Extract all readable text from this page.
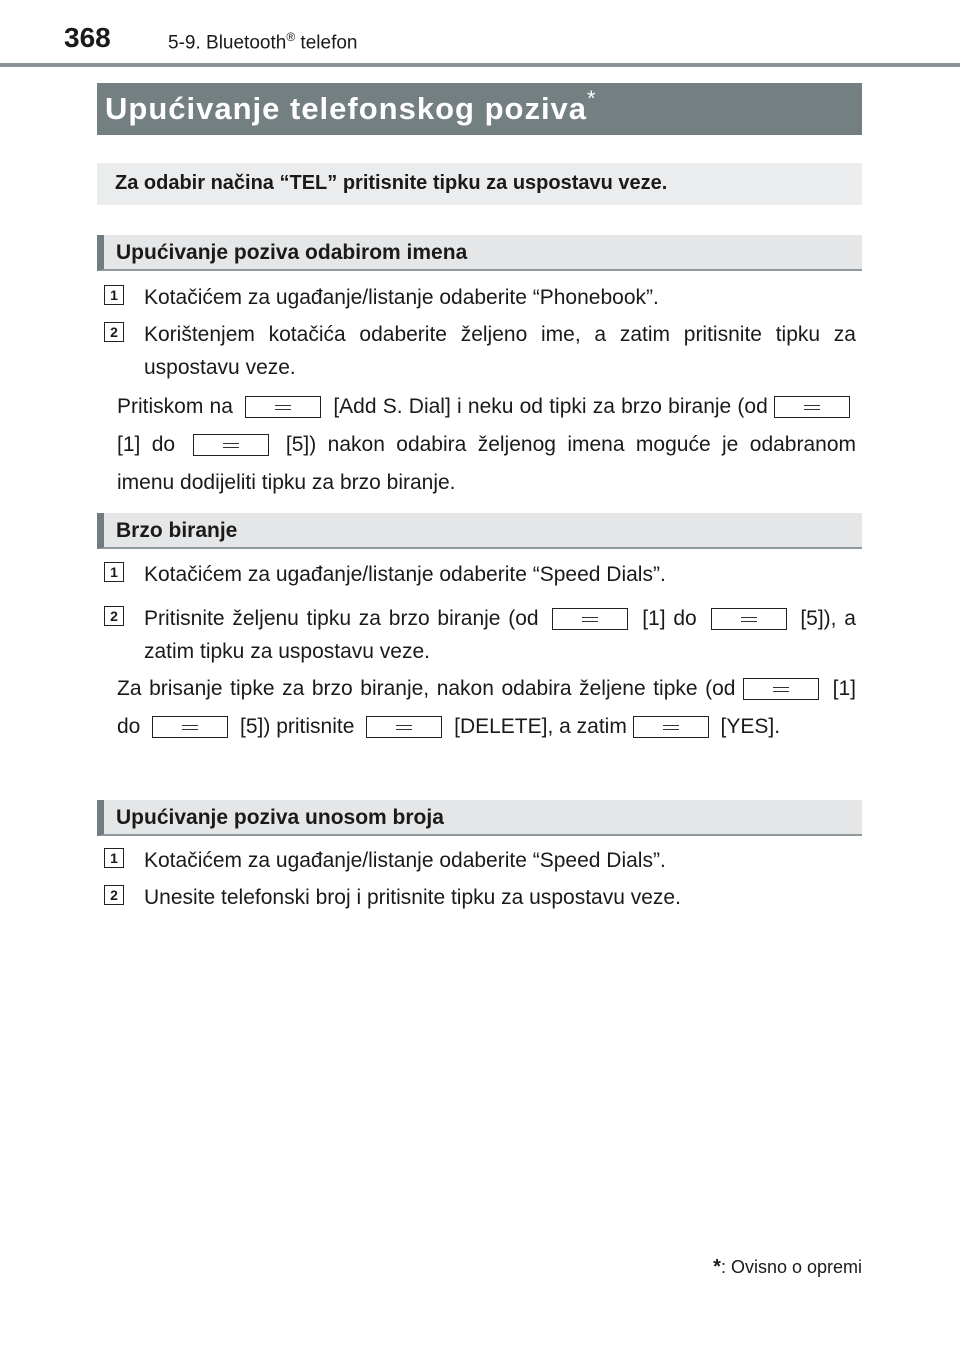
368	5-9. Bluetooth® telefon
Upućivanje telefonskog poziva*
Za odabir načina “TEL” pritisnite tipku za uspostavu veze.
Upućivanje poziva odabirom imena
1 Kotačićem za ugađanje/listanje odaberite “Phonebook”.
2 Korištenjem kotačića odaberite željeno ime, a zatim pritisnite tipku za uspostavu veze.
Pritiskom na	[Add S. Dial] i neku od tipki za brzo biranje (od  [1] do	[5]) nakon odabira željenog imena moguće je odabranom imenu dodijeliti tipku za brzo biranje.
Brzo biranje
1 Kotačićem za ugađanje/listanje odaberite “Speed Dials”.
2 Pritisnite željenu tipku za brzo biranje (od	[1] do	[5]), a zatim tipku za uspostavu veze.
Za brisanje tipke za brzo biranje, nakon odabira željene tipke (od	[1] do	[5]) pritisnite	[DELETE], a zatim	[YES].
Upućivanje poziva unosom broja
1 Kotačićem za ugađanje/listanje odaberite “Speed Dials”.
2 Unesite telefonski broj i pritisnite tipku za uspostavu veze.
*: Ovisno o opremi
